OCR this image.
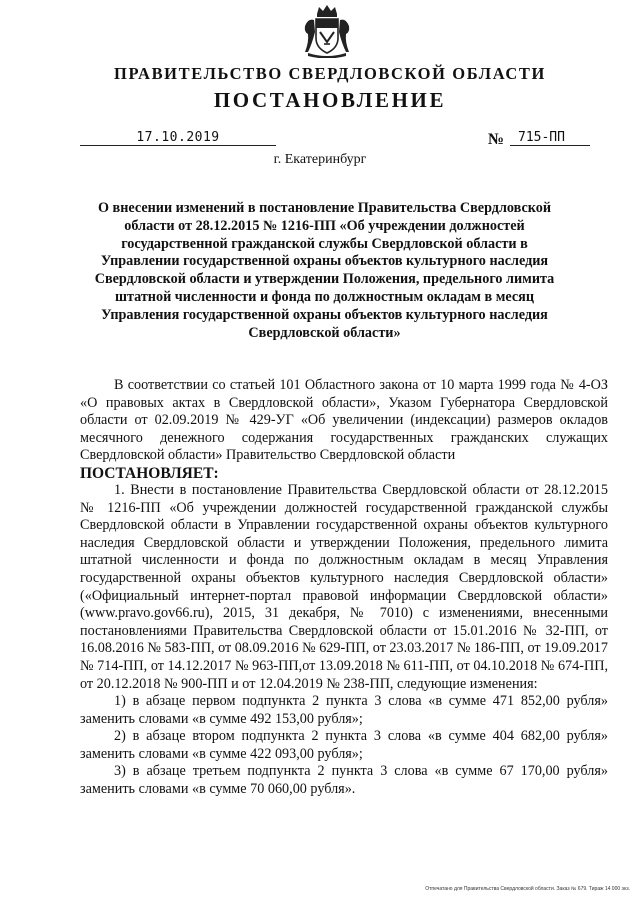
ПРАВИТЕЛЬСТВО СВЕРДЛОВСКОЙ ОБЛАСТИ
ПОСТАНОВЛЕНИЕ
17.10.2019	№	715-ПП
г. Екатеринбург
О внесении изменений в постановление Правительства Свердловской области от 28.12.2015 № 1216-ПП «Об учреждении должностей государственной гражданской службы Свердловской области в Управлении государственной охраны объектов культурного наследия Свердловской области и утверждении Положения, предельного лимита штатной численности и фонда по должностным окладам в месяц Управления государственной охраны объектов культурного наследия Свердловской области»

В соответствии со статьей 101 Областного закона от 10 марта 1999 года № 4-ОЗ «О правовых актах в Свердловской области», Указом Губернатора Свердловской области от 02.09.2019 № 429-УГ «Об увеличении (индексации) размеров окладов месячного денежного содержания государственных гражданских служащих Свердловской области» Правительство Свердловской области

ПОСТАНОВЛЯЕТ:

1. Внести в постановление Правительства Свердловской области от 28.12.2015 № 1216-ПП «Об учреждении должностей государственной гражданской службы Свердловской области в Управлении государственной охраны объектов культурного наследия Свердловской области и утверждении Положения, предельного лимита штатной численности и фонда по должностным окладам в месяц Управления государственной охраны объектов культурного наследия Свердловской области» («Официальный интернет-портал правовой информации Свердловской области» (www.pravo.gov66.ru), 2015, 31 декабря, № 7010) с изменениями, внесенными постановлениями Правительства Свердловской области от 15.01.2016 № 32-ПП, от 16.08.2016 № 583-ПП, от 08.09.2016 № 629-ПП, от 23.03.2017 № 186-ПП, от 19.09.2017 № 714-ПП, от 14.12.2017 № 963-ПП,от 13.09.2018 № 611-ПП, от 04.10.2018 № 674-ПП, от 20.12.2018 № 900-ПП и от 12.04.2019 № 238-ПП, следующие изменения:

1) в абзаце первом подпункта 2 пункта 3 слова «в сумме 471 852,00 рубля» заменить словами «в сумме 492 153,00 рубля»;

2) в абзаце втором подпункта 2 пункта 3 слова «в сумме 404 682,00 рубля» заменить словами «в сумме 422 093,00 рубля»;

3) в абзаце третьем подпункта 2 пункта 3 слова «в сумме 67 170,00 рубля» заменить словами «в сумме 70 060,00 рубля».

Отпечатано для Правительства Свердловской области. Заказ № 679. Тираж 14 000 экз.
